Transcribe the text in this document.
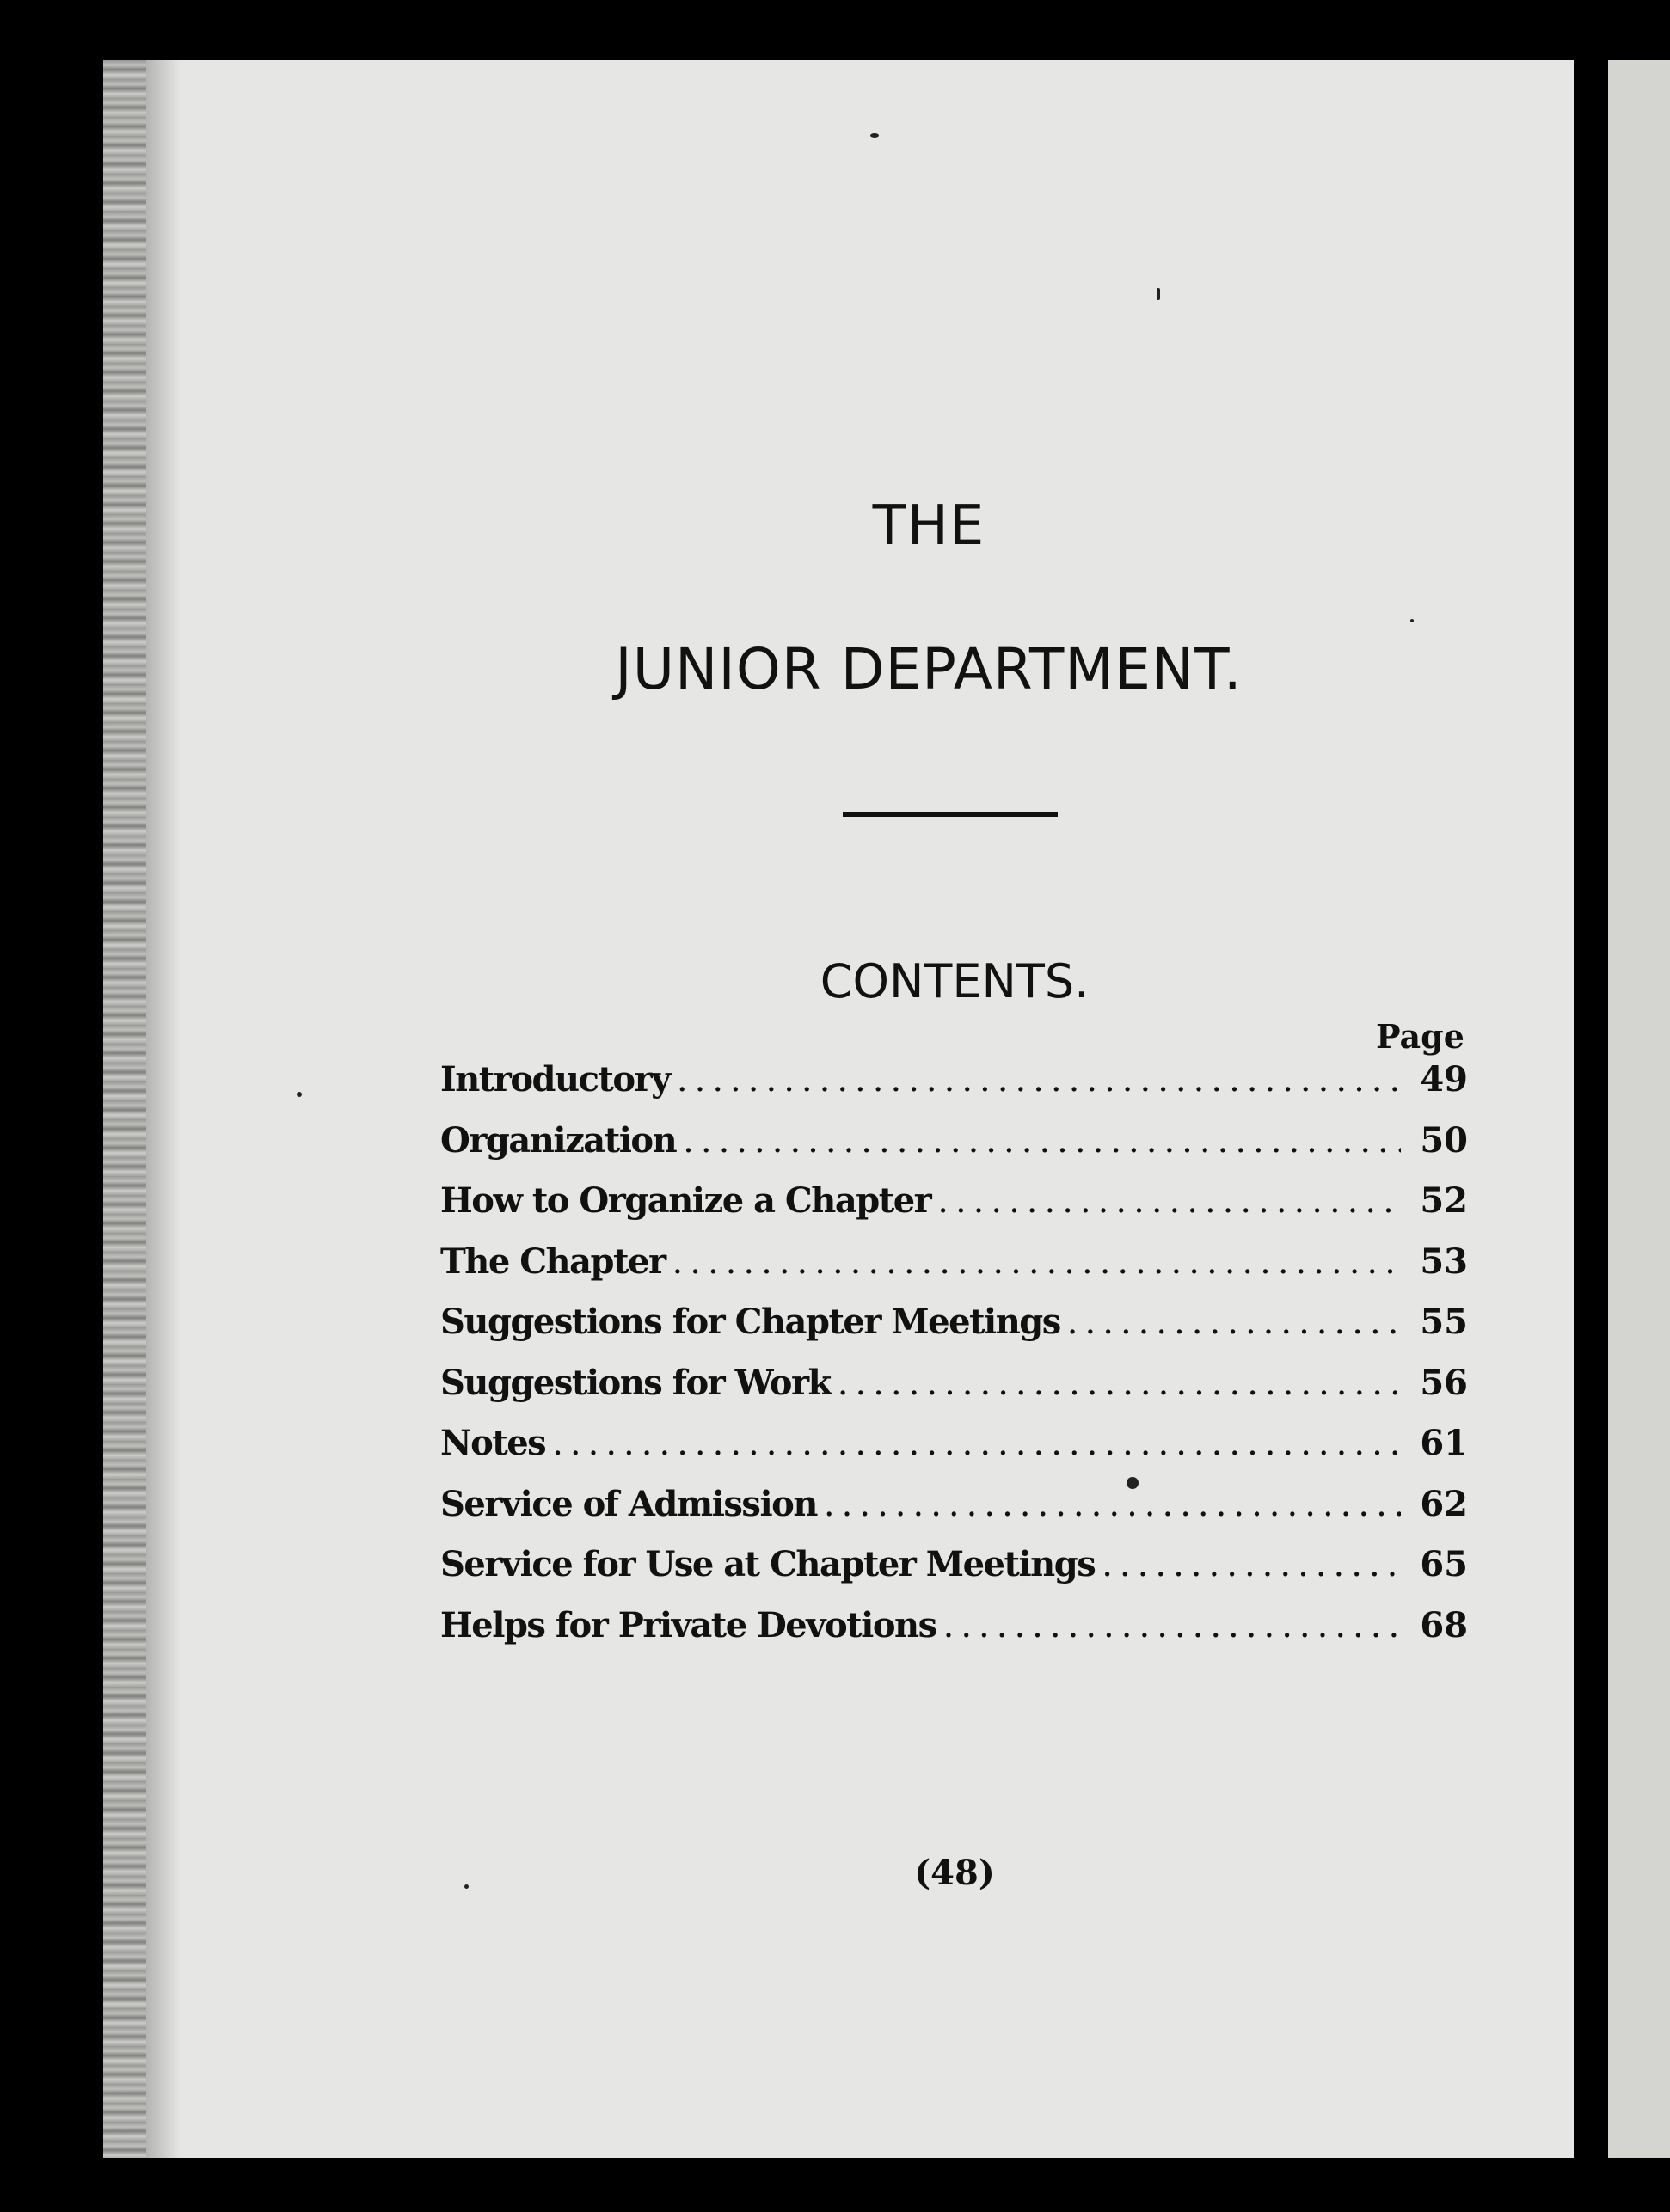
THE
JUNIOR DEPARTMENT.
CONTENTS.
Page
Introductory .....	49
Organization .....	50
How to Organize a Chapter .....	52
The Chapter .....	53
Suggestions for Chapter Meetings .....	55
Suggestions for Work .....	56
Notes .....	61
Service of Admission .....	62
Service for Use at Chapter Meetings .....	65
Helps for Private Devotions .....	68
(48)
